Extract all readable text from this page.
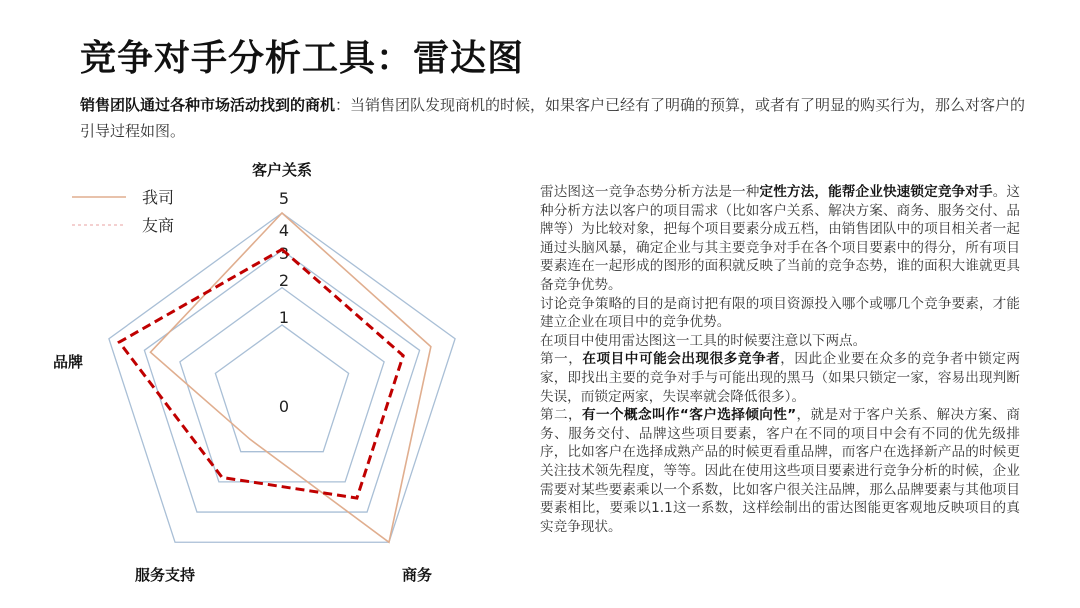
竞争对手分析工具：雷达图
销售团队通过各种市场活动找到的商机：当销售团队发现商机的时候，如果客户已经有了明确的预算，或者有了明显的购买行为，那么对客户的引导过程如图。
0
1
2
3
4
5
客户关系
商务
服务支持
品牌
我司
友商

雷达图这一竞争态势分析方法是一种定性方法，能帮企业快速锁定竞争对手。这种分析方法以客户的项目需求（比如客户关系、解决方案、商务、服务交付、品牌等）为比较对象，把每个项目要素分成五档，由销售团队中的项目相关者一起通过头脑风暴，确定企业与其主要竞争对手在各个项目要素中的得分，所有项目要素连在一起形成的图形的面积就反映了当前的竞争态势，谁的面积大谁就更具备竞争优势。

讨论竞争策略的目的是商讨把有限的项目资源投入哪个或哪几个竞争要素，才能建立企业在项目中的竞争优势。

在项目中使用雷达图这一工具的时候要注意以下两点。

第一，在项目中可能会出现很多竞争者，因此企业要在众多的竞争者中锁定两家，即找出主要的竞争对手与可能出现的黑马（如果只锁定一家，容易出现判断失误，而锁定两家，失误率就会降低很多）。

第二，有一个概念叫作“客户选择倾向性”，就是对于客户关系、解决方案、商务、服务交付、品牌这些项目要素，客户在不同的项目中会有不同的优先级排序，比如客户在选择成熟产品的时候更看重品牌，而客户在选择新产品的时候更关注技术领先程度，等等。因此在使用这些项目要素进行竞争分析的时候，企业需要对某些要素乘以一个系数，比如客户很关注品牌，那么品牌要素与其他项目要素相比，要乘以1.1这一系数，这样绘制出的雷达图能更客观地反映项目的真实竞争现状。
